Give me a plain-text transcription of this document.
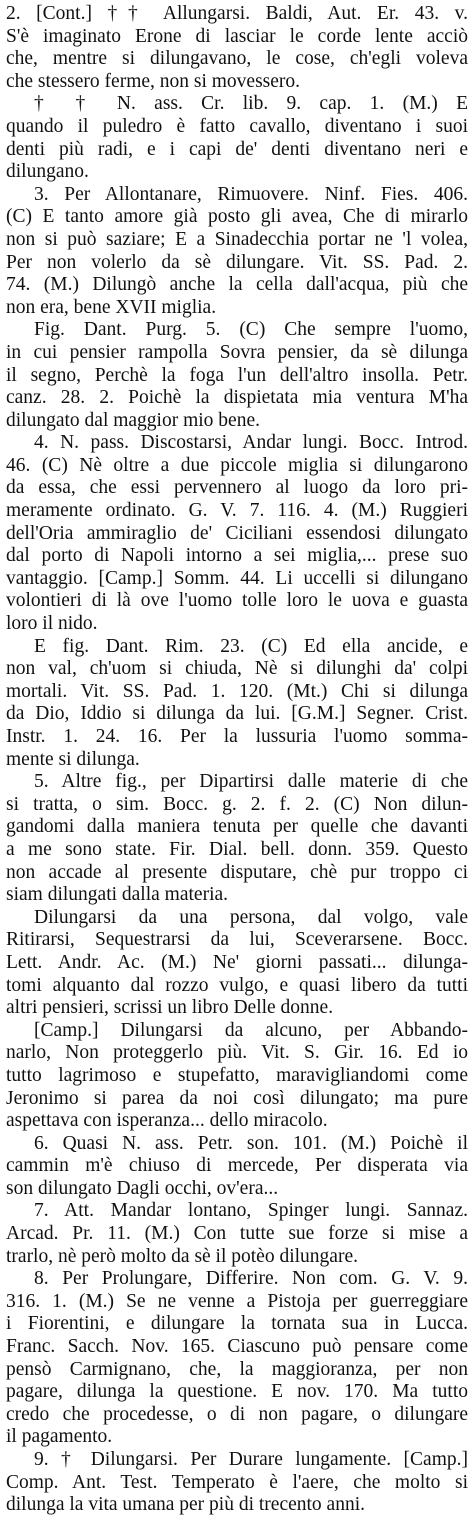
2. [Cont.] †† Allungarsi. Baldi, Aut. Er. 43. v.
S'è imaginato Erone di lasciar le corde lente acciò
che, mentre si dilungavano, le cose, ch'egli voleva
che stessero ferme, non si movessero.
† † N. ass. Cr. lib. 9. cap. 1. (M.) E
quando il puledro è fatto cavallo, diventano i suoi
denti più radi, e i capi de' denti diventano neri e
dilungano.
3. Per Allontanare, Rimuovere. Ninf. Fies. 406.
(C) E tanto amore già posto gli avea, Che di mirarlo
non si può saziare; E a Sinadecchia portar ne 'l volea,
Per non volerlo da sè dilungare. Vit. SS. Pad. 2.
74. (M.) Dilungò anche la cella dall'acqua, più che
non era, bene XVII miglia.
Fig. Dant. Purg. 5. (C) Che sempre l'uomo,
in cui pensier rampolla Sovra pensier, da sè dilunga
il segno, Perchè la foga l'un dell'altro insolla. Petr.
canz. 28. 2. Poichè la dispietata mia ventura M'ha
dilungato dal maggior mio bene.
4. N. pass. Discostarsi, Andar lungi. Bocc. Introd.
46. (C) Nè oltre a due piccole miglia si dilungarono
da essa, che essi pervennero al luogo da loro pri-
meramente ordinato. G. V. 7. 116. 4. (M.) Ruggieri
dell'Oria ammiraglio de' Ciciliani essendosi dilungato
dal porto di Napoli intorno a sei miglia,... prese suo
vantaggio. [Camp.] Somm. 44. Li uccelli si dilungano
volontieri di là ove l'uomo tolle loro le uova e guasta
loro il nido.
E fig. Dant. Rim. 23. (C) Ed ella ancide, e
non val, ch'uom si chiuda, Nè si dilunghi da' colpi
mortali. Vit. SS. Pad. 1. 120. (Mt.) Chi si dilunga
da Dio, Iddio si dilunga da lui. [G.M.] Segner. Crist.
Instr. 1. 24. 16. Per la lussuria l'uomo somma-
mente si dilunga.
5. Altre fig., per Dipartirsi dalle materie di che
si tratta, o sim. Bocc. g. 2. f. 2. (C) Non dilun-
gandomi dalla maniera tenuta per quelle che davanti
a me sono state. Fir. Dial. bell. donn. 359. Questo
non accade al presente disputare, chè pur troppo ci
siam dilungati dalla materia.
Dilungarsi da una persona, dal volgo, vale
Ritirarsi, Sequestrarsi da lui, Sceverarsene. Bocc.
Lett. Andr. Ac. (M.) Ne' giorni passati... dilunga-
tomi alquanto dal rozzo vulgo, e quasi libero da tutti
altri pensieri, scrissi un libro Delle donne.
[Camp.] Dilungarsi da alcuno, per Abbando-
narlo, Non proteggerlo più. Vit. S. Gir. 16. Ed io
tutto lagrimoso e stupefatto, maravigliandomi come
Jeronimo si parea da noi così dilungato; ma pure
aspettava con isperanza... dello miracolo.
6. Quasi N. ass. Petr. son. 101. (M.) Poichè il
cammin m'è chiuso di mercede, Per disperata via
son dilungato Dagli occhi, ov'era...
7. Att. Mandar lontano, Spinger lungi. Sannaz.
Arcad. Pr. 11. (M.) Con tutte sue forze si mise a
trarlo, nè però molto da sè il potèo dilungare.
8. Per Prolungare, Differire. Non com. G. V. 9.
316. 1. (M.) Se ne venne a Pistoja per guerreggiare
i Fiorentini, e dilungare la tornata sua in Lucca.
Franc. Sacch. Nov. 165. Ciascuno può pensare come
pensò Carmignano, che, la maggioranza, per non
pagare, dilunga la questione. E nov. 170. Ma tutto
credo che procedesse, o di non pagare, o dilungare
il pagamento.
9. † Dilungarsi. Per Durare lungamente. [Camp.]
Comp. Ant. Test. Temperato è l'aere, che molto si
dilunga la vita umana per più di trecento anni.
